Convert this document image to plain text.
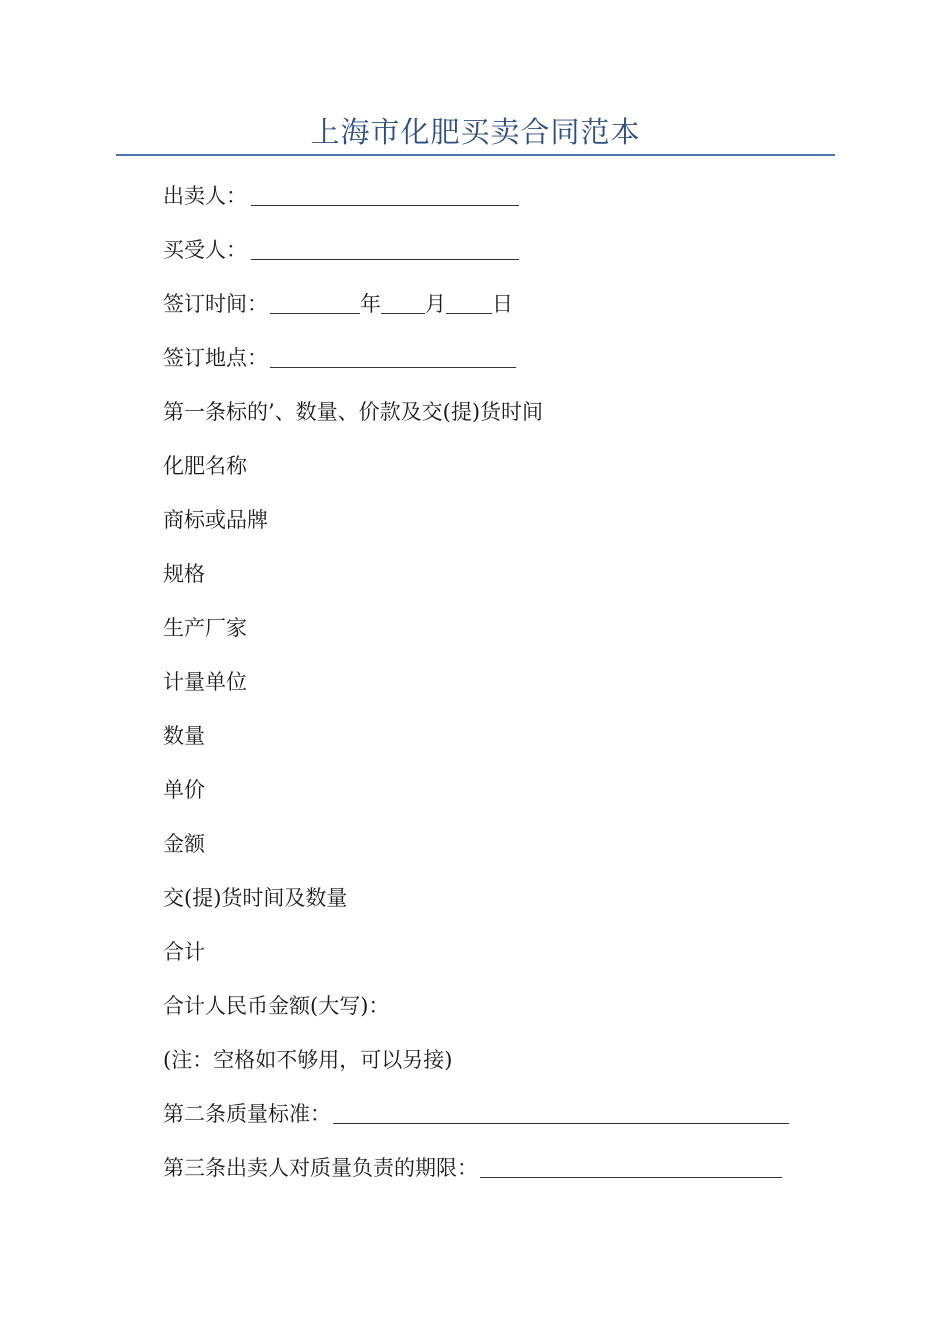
上海市化肥买卖合同范本
出卖人：
买受人：
签订时间：	年 月 日
签订地点：
第一条标的’、数量、价款及交(提)货时间
化肥名称
商标或品牌
规格
生产厂家
计量单位
数量
单价
金额
交(提)货时间及数量
合计
合计人民币金额(大写)：
(注：空格如不够用，可以另接)
第二条质量标准：
第三条出卖人对质量负责的期限：
